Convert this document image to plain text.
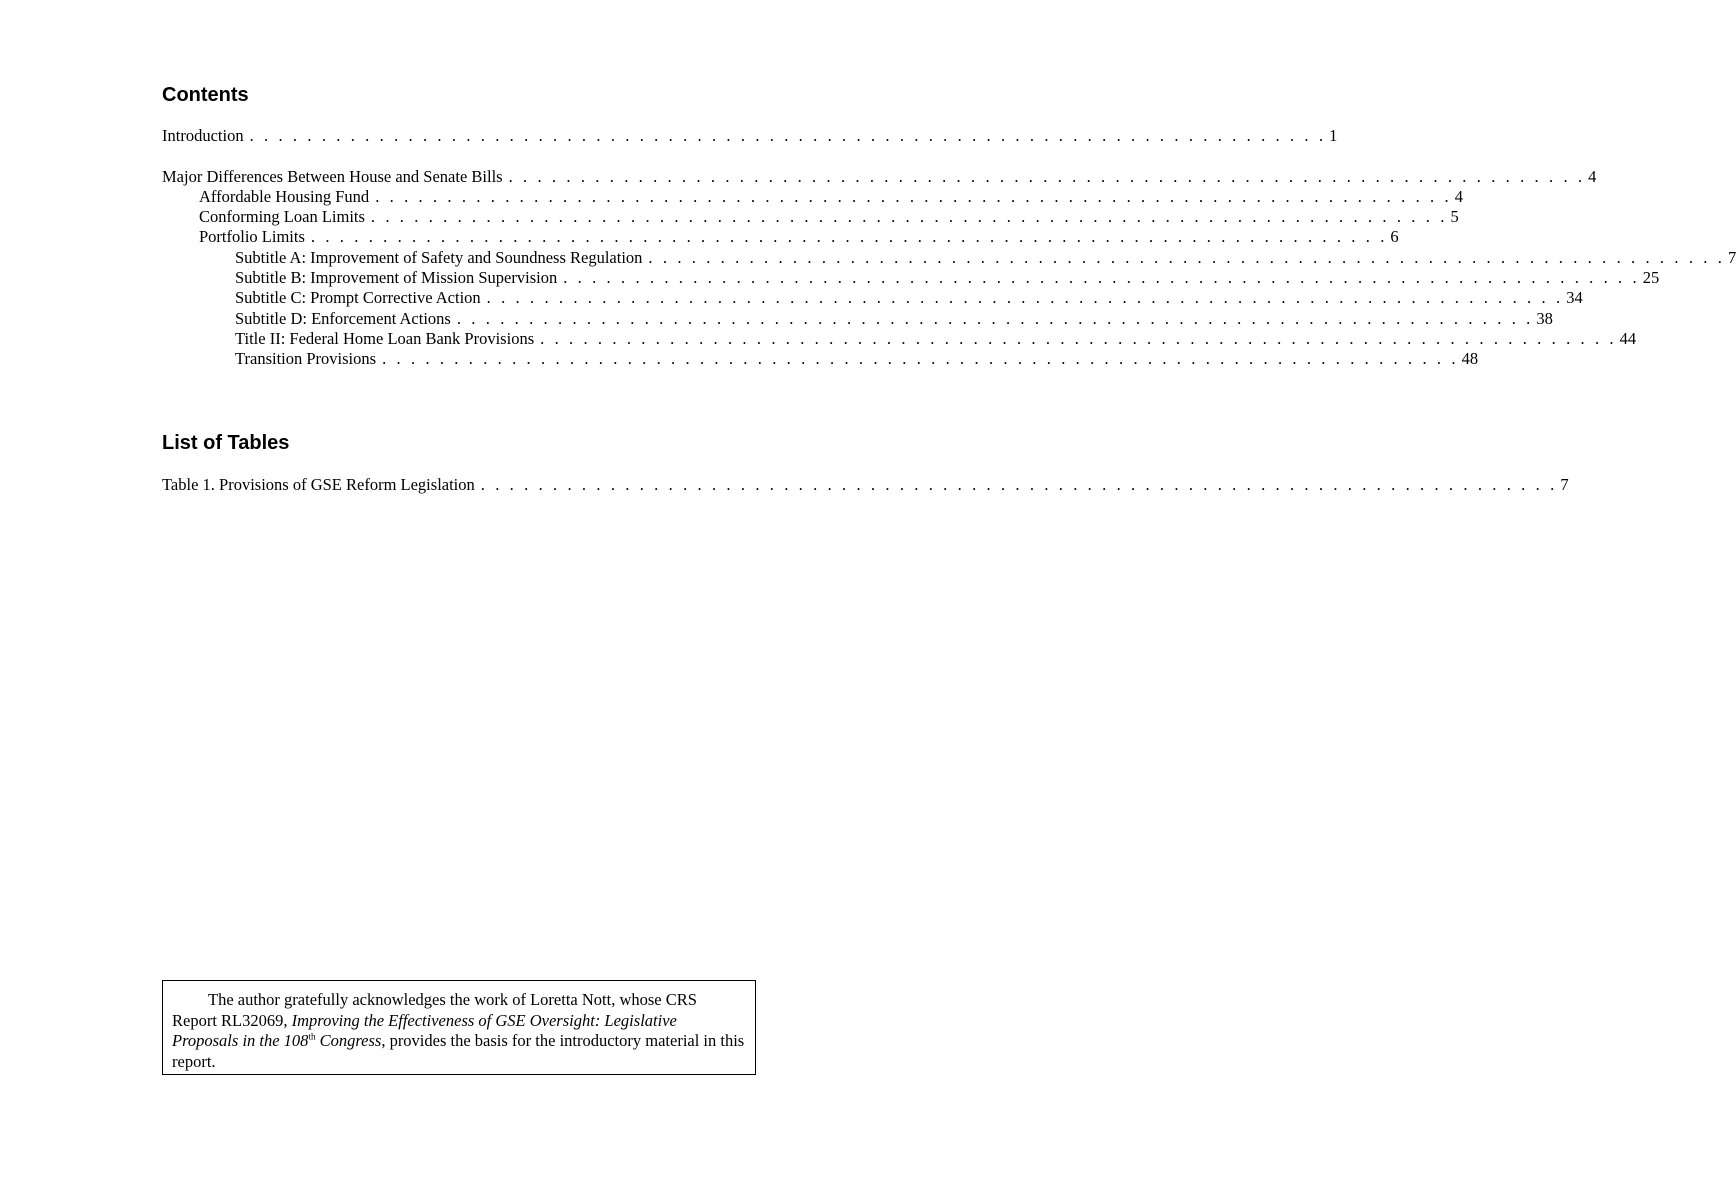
Contents
Introduction . . . . . . . . . . . . . . . . . . . . . . . . . . . . . . . . . . . . . . . . . . . . . . . . . . . . . . . . . . . . . . . . . . . . . . . . . . . 1
Major Differences Between House and Senate Bills . . . . . . . . . . . . . . . . . . . . . . . . . . . . . . . . . . . . . . . . . . . . . . . . . . . . . . . . . . . . . . . . . . . . . . . . . . . 4
Affordable Housing Fund . . . . . . . . . . . . . . . . . . . . . . . . . . . . . . . . . . . . . . . . . . . . . . . . . . . . . . . . . . . . . . . . . . . . . . . . . . . 4
Conforming Loan Limits . . . . . . . . . . . . . . . . . . . . . . . . . . . . . . . . . . . . . . . . . . . . . . . . . . . . . . . . . . . . . . . . . . . . . . . . . . . 5
Portfolio Limits . . . . . . . . . . . . . . . . . . . . . . . . . . . . . . . . . . . . . . . . . . . . . . . . . . . . . . . . . . . . . . . . . . . . . . . . . . . 6
Subtitle A: Improvement of Safety and Soundness Regulation . . . . . . . . . . . . . . . . . . . . . . . . . . . . . . . . . . . . . . . . . . . . . . . . . . . . . . . . . . . . . . . . . . . . . . . . . . . 7
Subtitle B: Improvement of Mission Supervision . . . . . . . . . . . . . . . . . . . . . . . . . . . . . . . . . . . . . . . . . . . . . . . . . . . . . . . . . . . . . . . . . . . . . . . . . . . 25
Subtitle C: Prompt Corrective Action . . . . . . . . . . . . . . . . . . . . . . . . . . . . . . . . . . . . . . . . . . . . . . . . . . . . . . . . . . . . . . . . . . . . . . . . . . . 34
Subtitle D: Enforcement Actions . . . . . . . . . . . . . . . . . . . . . . . . . . . . . . . . . . . . . . . . . . . . . . . . . . . . . . . . . . . . . . . . . . . . . . . . . . . 38
Title II: Federal Home Loan Bank Provisions . . . . . . . . . . . . . . . . . . . . . . . . . . . . . . . . . . . . . . . . . . . . . . . . . . . . . . . . . . . . . . . . . . . . . . . . . . . 44
Transition Provisions . . . . . . . . . . . . . . . . . . . . . . . . . . . . . . . . . . . . . . . . . . . . . . . . . . . . . . . . . . . . . . . . . . . . . . . . . . . 48
List of Tables
Table 1. Provisions of GSE Reform Legislation . . . . . . . . . . . . . . . . . . . . . . . . . . . . . . . . . . . . . . . . . . . . . . . . . . . . . . . . . . . . . . . . . . . . . . . . . . . 7
The author gratefully acknowledges the work of Loretta Nott, whose CRS Report RL32069, Improving the Effectiveness of GSE Oversight: Legislative Proposals in the 108th Congress, provides the basis for the introductory material in this report.
